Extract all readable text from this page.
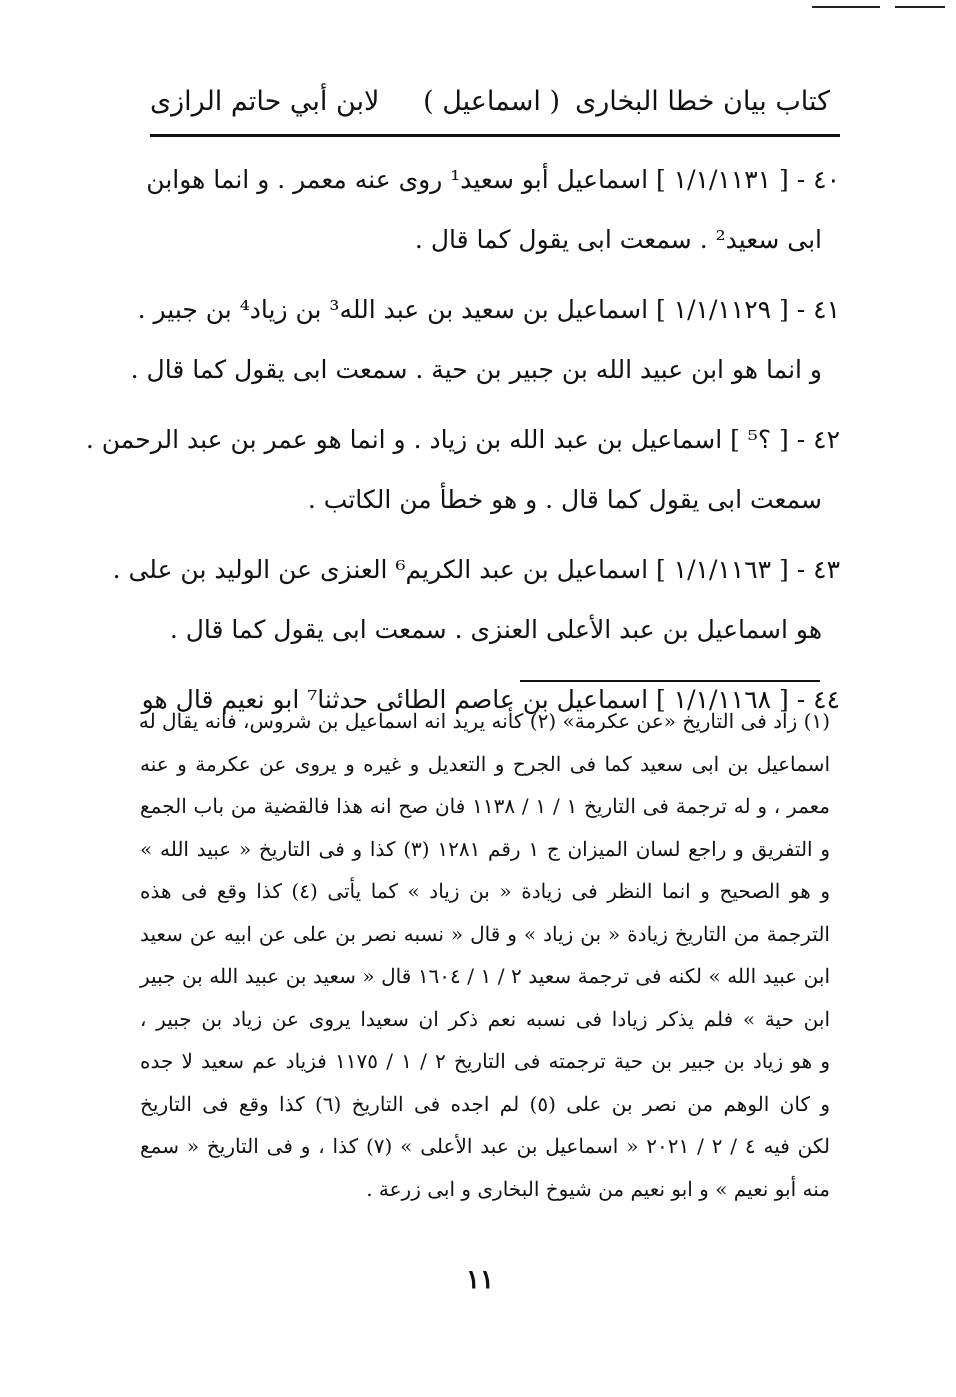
كتاب بيان خطا البخارى
( اسماعيل )
لابن أبي حاتم الرازى
٤٠ - [ ١/١/١١٣١ ] اسماعيل أبو سعيد¹ روى عنه معمر . و انما هوابن
ابى سعيد² . سمعت ابى يقول كما قال .
٤١ - [ ١/١/١١٢٩ ] اسماعيل بن سعيد بن عبد الله³ بن زياد⁴ بن جبير .
و انما هو ابن عبيد الله بن جبير بن حية . سمعت ابى يقول كما قال .
٤٢ - [ ؟⁵ ] اسماعيل بن عبد الله بن زياد . و انما هو عمر بن عبد الرحمن .
سمعت ابى يقول كما قال . و هو خطأ من الكاتب .
٤٣ - [ ١/١/١١٦٣ ] اسماعيل بن عبد الكريم⁶ العنزى عن الوليد بن على .
هو اسماعيل بن عبد الأعلى العنزى . سمعت ابى يقول كما قال .
٤٤ - [ ١/١/١١٦٨ ] اسماعيل بن عاصم الطائى حدثنا⁷ ابو نعيم قال هو
(١) زاد فى التاريخ «عن عكرمة» (٢) كأنه يريد انه اسماعيل بن شروس، فانه يقال له
اسماعيل بن ابى سعيد كما فى الجرح و التعديل و غيره و يروى عن عكرمة و عنه
معمر ، و له ترجمة فى التاريخ ١ / ١ / ١١٣٨ فان صح انه هذا فالقضية من باب الجمع
و التفريق و راجع لسان الميزان ج ١ رقم ١٢٨١ (٣) كذا و فى التاريخ « عبيد الله »
و هو الصحيح و انما النظر فى زيادة « بن زياد » كما يأتى (٤) كذا وقع فى هذه
الترجمة من التاريخ زيادة « بن زياد » و قال « نسبه نصر بن على عن ابيه عن سعيد
ابن عبيد الله » لكنه فى ترجمة سعيد ٢ / ١ / ١٦٠٤ قال « سعيد بن عبيد الله بن جبير
ابن حية » فلم يذكر زيادا فى نسبه نعم ذكر ان سعيدا يروى عن زياد بن جبير ،
و هو زياد بن جبير بن حية ترجمته فى التاريخ ٢ / ١ / ١١٧٥ فزياد عم سعيد لا جده
و كان الوهم من نصر بن على (٥) لم اجده فى التاريخ (٦) كذا وقع فى التاريخ
لكن فيه ٤ / ٢ / ٢٠٢١ « اسماعيل بن عبد الأعلى » (٧) كذا ، و فى التاريخ « سمع
منه أبو نعيم » و ابو نعيم من شيوخ البخارى و ابى زرعة .
١١
